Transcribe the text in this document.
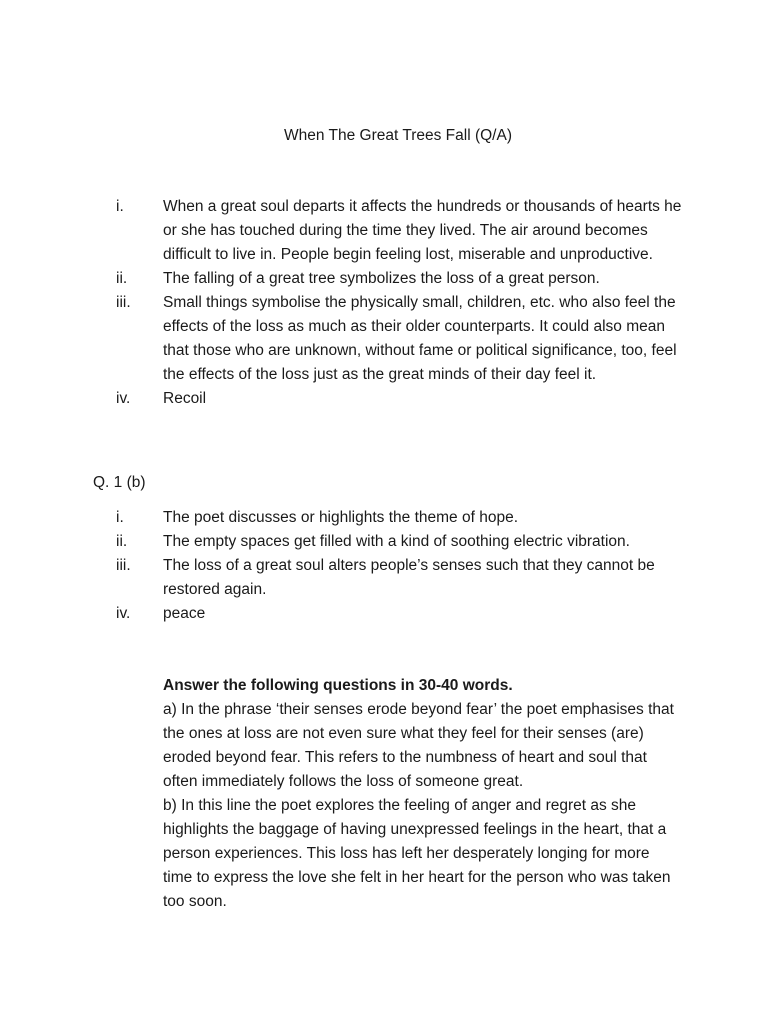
When The Great Trees Fall (Q/A)
i.	When a great soul departs it affects the hundreds or thousands of hearts he or she has touched during the time they lived. The air around becomes difficult to live in. People begin feeling lost, miserable and unproductive.
ii. The falling of a great tree symbolizes the loss of a great person.
iii. Small things symbolise the physically small, children, etc. who also feel the effects of the loss as much as their older counterparts. It could also mean that those who are unknown, without fame or political significance, too, feel the effects of the loss just as the great minds of their day feel it.
iv. Recoil
Q. 1 (b)
i.	The poet discusses or highlights the theme of hope.
ii. The empty spaces get filled with a kind of soothing electric vibration.
iii. The loss of a great soul alters people’s senses such that they cannot be restored again.
iv. peace
Answer the following questions in 30-40 words.
a) In the phrase ‘their senses erode beyond fear’ the poet emphasises that the ones at loss are not even sure what they feel for their senses (are) eroded beyond fear. This refers to the numbness of heart and soul that often immediately follows the loss of someone great.
b) In this line the poet explores the feeling of anger and regret as she highlights the baggage of having unexpressed feelings in the heart, that a person experiences. This loss has left her desperately longing for more time to express the love she felt in her heart for the person who was taken too soon.
